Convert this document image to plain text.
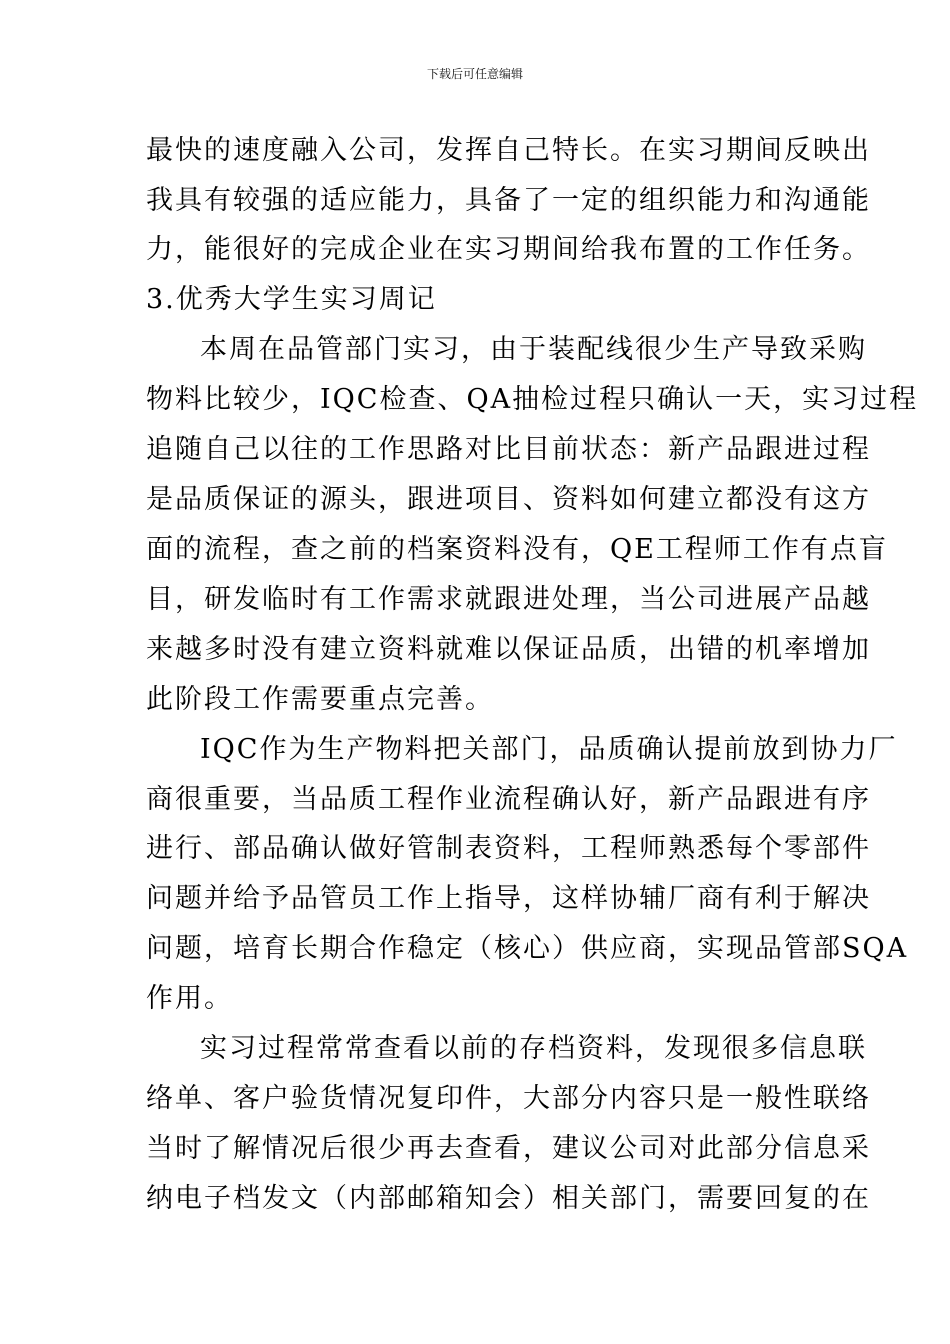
下载后可任意编辑
最快的速度融入公司，发挥自己特长。在实习期间反映出
我具有较强的适应能力，具备了一定的组织能力和沟通能
力，能很好的完成企业在实习期间给我布置的工作任务。
3.优秀大学生实习周记
本周在品管部门实习，由于装配线很少生产导致采购
物料比较少，IQC检查、QA抽检过程只确认一天，实习过程
追随自己以往的工作思路对比目前状态：新产品跟进过程
是品质保证的源头，跟进项目、资料如何建立都没有这方
面的流程，查之前的档案资料没有，QE工程师工作有点盲
目，研发临时有工作需求就跟进处理，当公司进展产品越
来越多时没有建立资料就难以保证品质，出错的机率增加
此阶段工作需要重点完善。
IQC作为生产物料把关部门，品质确认提前放到协力厂
商很重要，当品质工程作业流程确认好，新产品跟进有序
进行、部品确认做好管制表资料，工程师熟悉每个零部件
问题并给予品管员工作上指导，这样协辅厂商有利于解决
问题，培育长期合作稳定（核心）供应商，实现品管部SQA
作用。
实习过程常常查看以前的存档资料，发现很多信息联
络单、客户验货情况复印件，大部分内容只是一般性联络
当时了解情况后很少再去查看，建议公司对此部分信息采
纳电子档发文（内部邮箱知会）相关部门，需要回复的在
